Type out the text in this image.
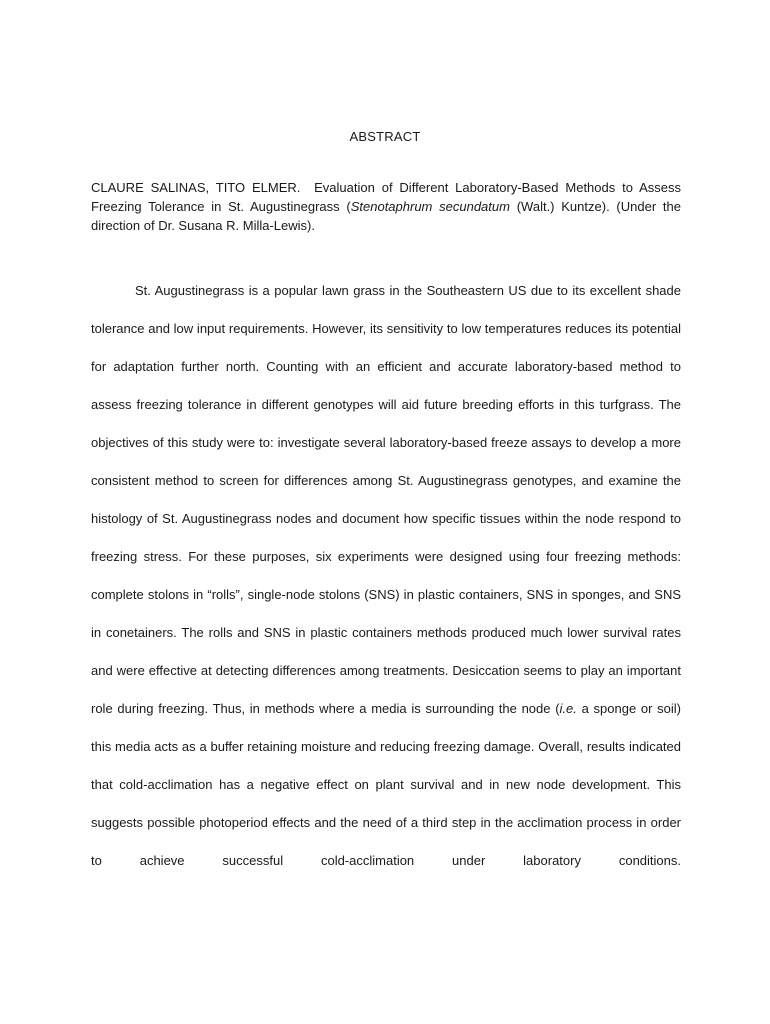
ABSTRACT

CLAURE SALINAS, TITO ELMER. Evaluation of Different Laboratory-Based Methods to Assess Freezing Tolerance in St. Augustinegrass (Stenotaphrum secundatum (Walt.) Kuntze). (Under the direction of Dr. Susana R. Milla-Lewis).

St. Augustinegrass is a popular lawn grass in the Southeastern US due to its excellent shade tolerance and low input requirements. However, its sensitivity to low temperatures reduces its potential for adaptation further north. Counting with an efficient and accurate laboratory-based method to assess freezing tolerance in different genotypes will aid future breeding efforts in this turfgrass. The objectives of this study were to: investigate several laboratory-based freeze assays to develop a more consistent method to screen for differences among St. Augustinegrass genotypes, and examine the histology of St. Augustinegrass nodes and document how specific tissues within the node respond to freezing stress. For these purposes, six experiments were designed using four freezing methods: complete stolons in “rolls”, single-node stolons (SNS) in plastic containers, SNS in sponges, and SNS in conetainers. The rolls and SNS in plastic containers methods produced much lower survival rates and were effective at detecting differences among treatments. Desiccation seems to play an important role during freezing. Thus, in methods where a media is surrounding the node (i.e. a sponge or soil) this media acts as a buffer retaining moisture and reducing freezing damage. Overall, results indicated that cold-acclimation has a negative effect on plant survival and in new node development. This suggests possible photoperiod effects and the need of a third step in the acclimation process in order to achieve successful cold-acclimation under laboratory conditions.
